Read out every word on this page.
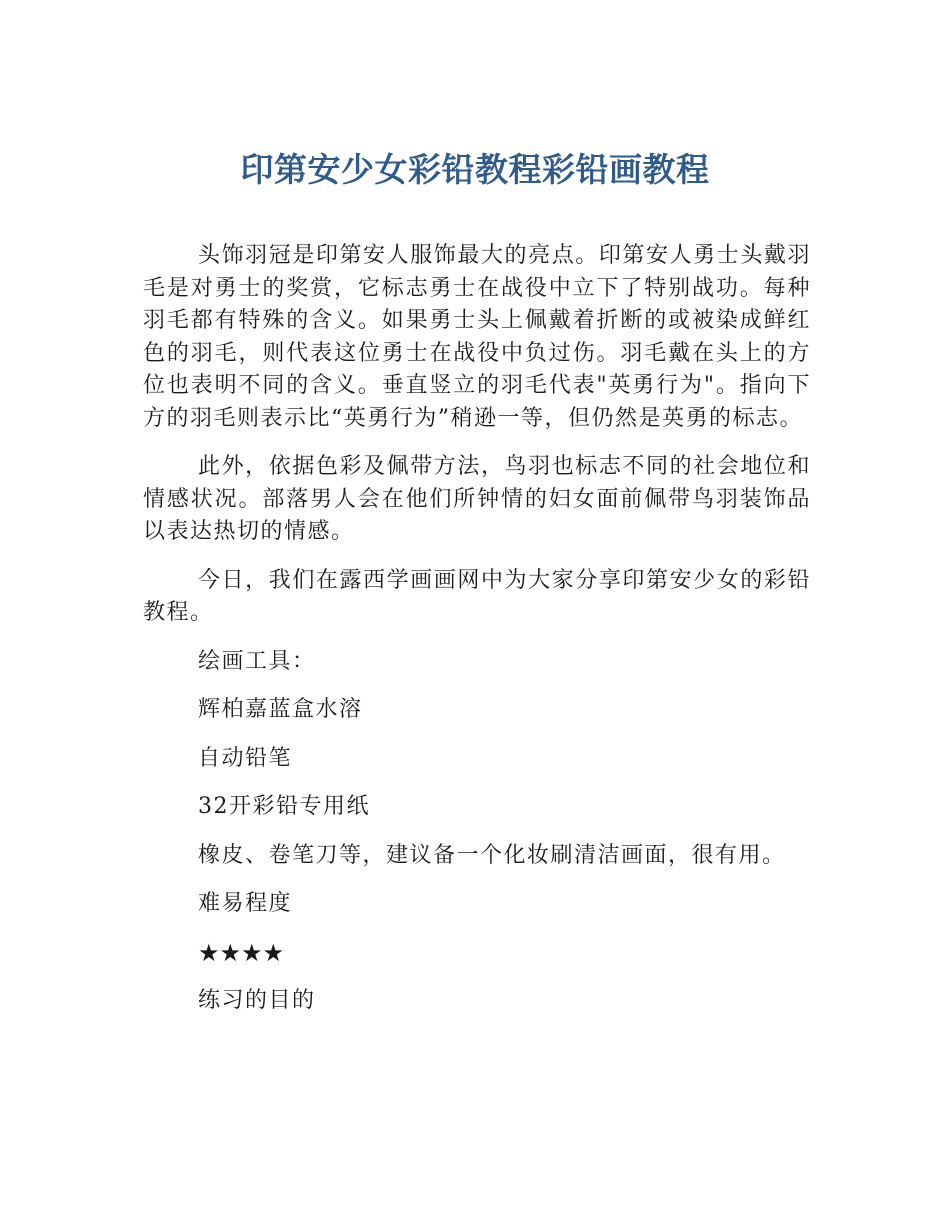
印第安少女彩铅教程彩铅画教程

头饰羽冠是印第安人服饰最大的亮点。印第安人勇士头戴羽毛是对勇士的奖赏，它标志勇士在战役中立下了特别战功。每种羽毛都有特殊的含义。如果勇士头上佩戴着折断的或被染成鲜红色的羽毛，则代表这位勇士在战役中负过伤。羽毛戴在头上的方位也表明不同的含义。垂直竖立的羽毛代表"英勇行为"。指向下方的羽毛则表示比“英勇行为”稍逊一等，但仍然是英勇的标志。

此外，依据色彩及佩带方法，鸟羽也标志不同的社会地位和情感状况。部落男人会在他们所钟情的妇女面前佩带鸟羽装饰品以表达热切的情感。

今日，我们在露西学画画网中为大家分享印第安少女的彩铅教程。

绘画工具：

辉柏嘉蓝盒水溶

自动铅笔

32开彩铅专用纸

橡皮、卷笔刀等，建议备一个化妆刷清洁画面，很有用。

难易程度

★★★★

练习的目的
